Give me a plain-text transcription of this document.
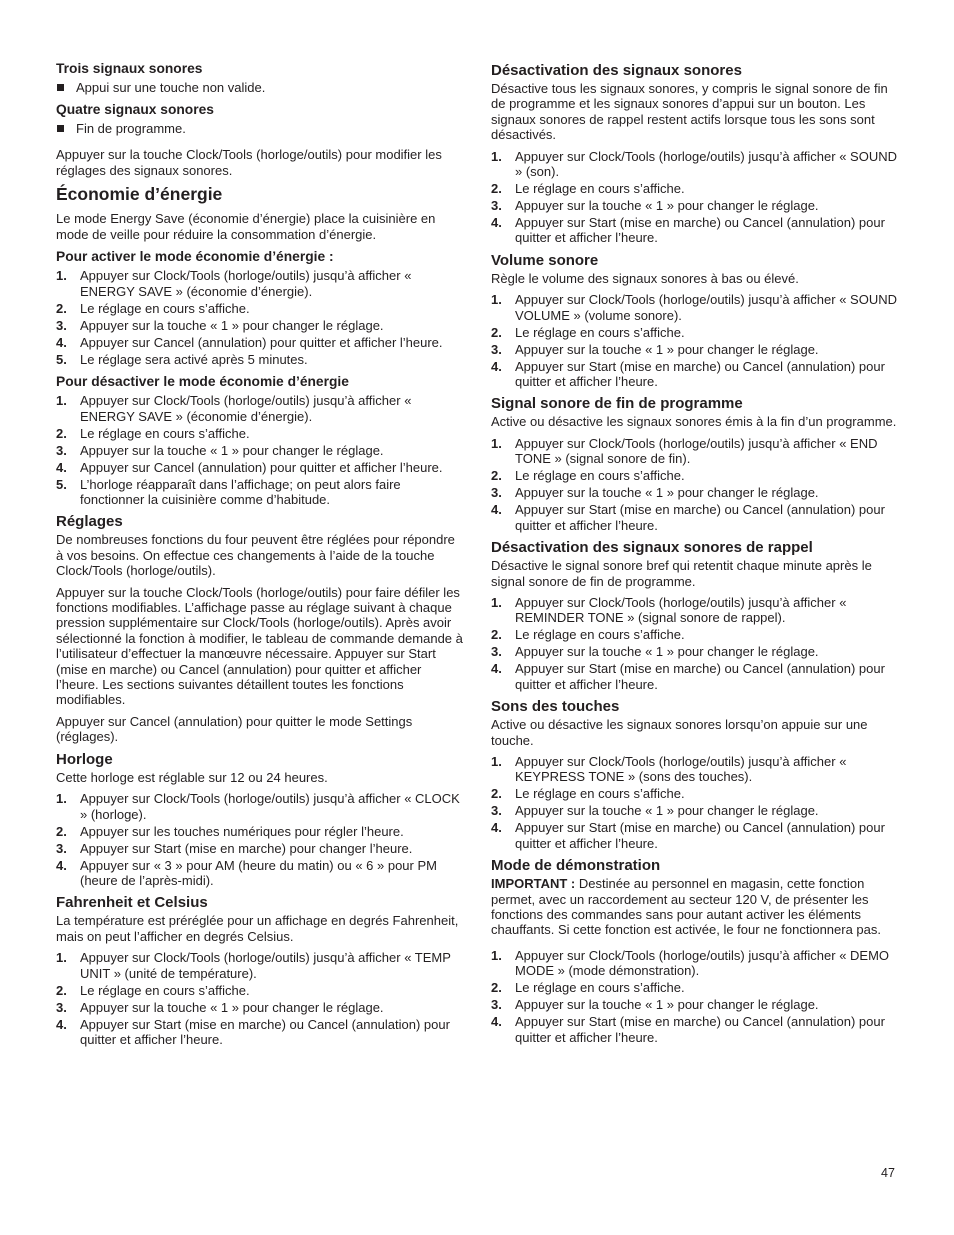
Trois signaux sonores
Appui sur une touche non valide.
Quatre signaux sonores
Fin de programme.

Appuyer sur la touche Clock/Tools (horloge/outils) pour modifier les réglages des signaux sonores.

Économie d’énergie

Le mode Energy Save (économie d’énergie) place la cuisinière en mode de veille pour réduire la consommation d’énergie.

Pour activer le mode économie d’énergie :
1. Appuyer sur Clock/Tools (horloge/outils) jusqu’à afficher « ENERGY SAVE » (économie d’énergie).
2. Le réglage en cours s’affiche.
3. Appuyer sur la touche « 1 » pour changer le réglage.
4. Appuyer sur Cancel (annulation) pour quitter et afficher l’heure.
5. Le réglage sera activé après 5 minutes.
Pour désactiver le mode économie d’énergie
1. Appuyer sur Clock/Tools (horloge/outils) jusqu’à afficher « ENERGY SAVE » (économie d’énergie).
2. Le réglage en cours s’affiche.
3. Appuyer sur la touche « 1 » pour changer le réglage.
4. Appuyer sur Cancel (annulation) pour quitter et afficher l’heure.
5. L’horloge réapparaît dans l’affichage; on peut alors faire fonctionner la cuisinière comme d’habitude.
Réglages

De nombreuses fonctions du four peuvent être réglées pour répondre à vos besoins. On effectue ces changements à l’aide de la touche Clock/Tools (horloge/outils).

Appuyer sur la touche Clock/Tools (horloge/outils) pour faire défiler les fonctions modifiables. L’affichage passe au réglage suivant à chaque pression supplémentaire sur Clock/Tools (horloge/outils). Après avoir sélectionné la fonction à modifier, le tableau de commande demande à l’utilisateur d’effectuer la manœuvre nécessaire. Appuyer sur Start (mise en marche) ou Cancel (annulation) pour quitter et afficher l’heure. Les sections suivantes détaillent toutes les fonctions modifiables.

Appuyer sur Cancel (annulation) pour quitter le mode Settings (réglages).

Horloge

Cette horloge est réglable sur 12 ou 24 heures.

1. Appuyer sur Clock/Tools (horloge/outils) jusqu’à afficher « CLOCK » (horloge).
2. Appuyer sur les touches numériques pour régler l’heure.
3. Appuyer sur Start (mise en marche) pour changer l’heure.
4. Appuyer sur « 3 » pour AM (heure du matin) ou « 6 » pour PM (heure de l’après-midi).
Fahrenheit et Celsius

La température est préréglée pour un affichage en degrés Fahrenheit, mais on peut l’afficher en degrés Celsius.

1. Appuyer sur Clock/Tools (horloge/outils) jusqu’à afficher « TEMP UNIT » (unité de température).
2. Le réglage en cours s’affiche.
3. Appuyer sur la touche « 1 » pour changer le réglage.
4. Appuyer sur Start (mise en marche) ou Cancel (annulation) pour quitter et afficher l’heure.
Désactivation des signaux sonores

Désactive tous les signaux sonores, y compris le signal sonore de fin de programme et les signaux sonores d’appui sur un bouton. Les signaux sonores de rappel restent actifs lorsque tous les sons sont désactivés.

1. Appuyer sur Clock/Tools (horloge/outils) jusqu’à afficher « SOUND » (son).
2. Le réglage en cours s’affiche.
3. Appuyer sur la touche « 1 » pour changer le réglage.
4. Appuyer sur Start (mise en marche) ou Cancel (annulation) pour quitter et afficher l’heure.
Volume sonore

Règle le volume des signaux sonores à bas ou élevé.

1. Appuyer sur Clock/Tools (horloge/outils) jusqu’à afficher « SOUND VOLUME » (volume sonore).
2. Le réglage en cours s’affiche.
3. Appuyer sur la touche « 1 » pour changer le réglage.
4. Appuyer sur Start (mise en marche) ou Cancel (annulation) pour quitter et afficher l’heure.
Signal sonore de fin de programme

Active ou désactive les signaux sonores émis à la fin d’un programme.

1. Appuyer sur Clock/Tools (horloge/outils) jusqu’à afficher « END TONE » (signal sonore de fin).
2. Le réglage en cours s’affiche.
3. Appuyer sur la touche « 1 » pour changer le réglage.
4. Appuyer sur Start (mise en marche) ou Cancel (annulation) pour quitter et afficher l’heure.
Désactivation des signaux sonores de rappel

Désactive le signal sonore bref qui retentit chaque minute après le signal sonore de fin de programme.

1. Appuyer sur Clock/Tools (horloge/outils) jusqu’à afficher « REMINDER TONE » (signal sonore de rappel).
2. Le réglage en cours s’affiche.
3. Appuyer sur la touche « 1 » pour changer le réglage.
4. Appuyer sur Start (mise en marche) ou Cancel (annulation) pour quitter et afficher l’heure.
Sons des touches

Active ou désactive les signaux sonores lorsqu’on appuie sur une touche.

1. Appuyer sur Clock/Tools (horloge/outils) jusqu’à afficher « KEYPRESS TONE » (sons des touches).
2. Le réglage en cours s’affiche.
3. Appuyer sur la touche « 1 » pour changer le réglage.
4. Appuyer sur Start (mise en marche) ou Cancel (annulation) pour quitter et afficher l’heure.
Mode de démonstration

IMPORTANT : Destinée au personnel en magasin, cette fonction permet, avec un raccordement au secteur 120 V, de présenter les fonctions des commandes sans pour autant activer les éléments chauffants. Si cette fonction est activée, le four ne fonctionnera pas.

1. Appuyer sur Clock/Tools (horloge/outils) jusqu’à afficher « DEMO MODE » (mode démonstration).
2. Le réglage en cours s’affiche.
3. Appuyer sur la touche « 1 » pour changer le réglage.
4. Appuyer sur Start (mise en marche) ou Cancel (annulation) pour quitter et afficher l’heure.
47
